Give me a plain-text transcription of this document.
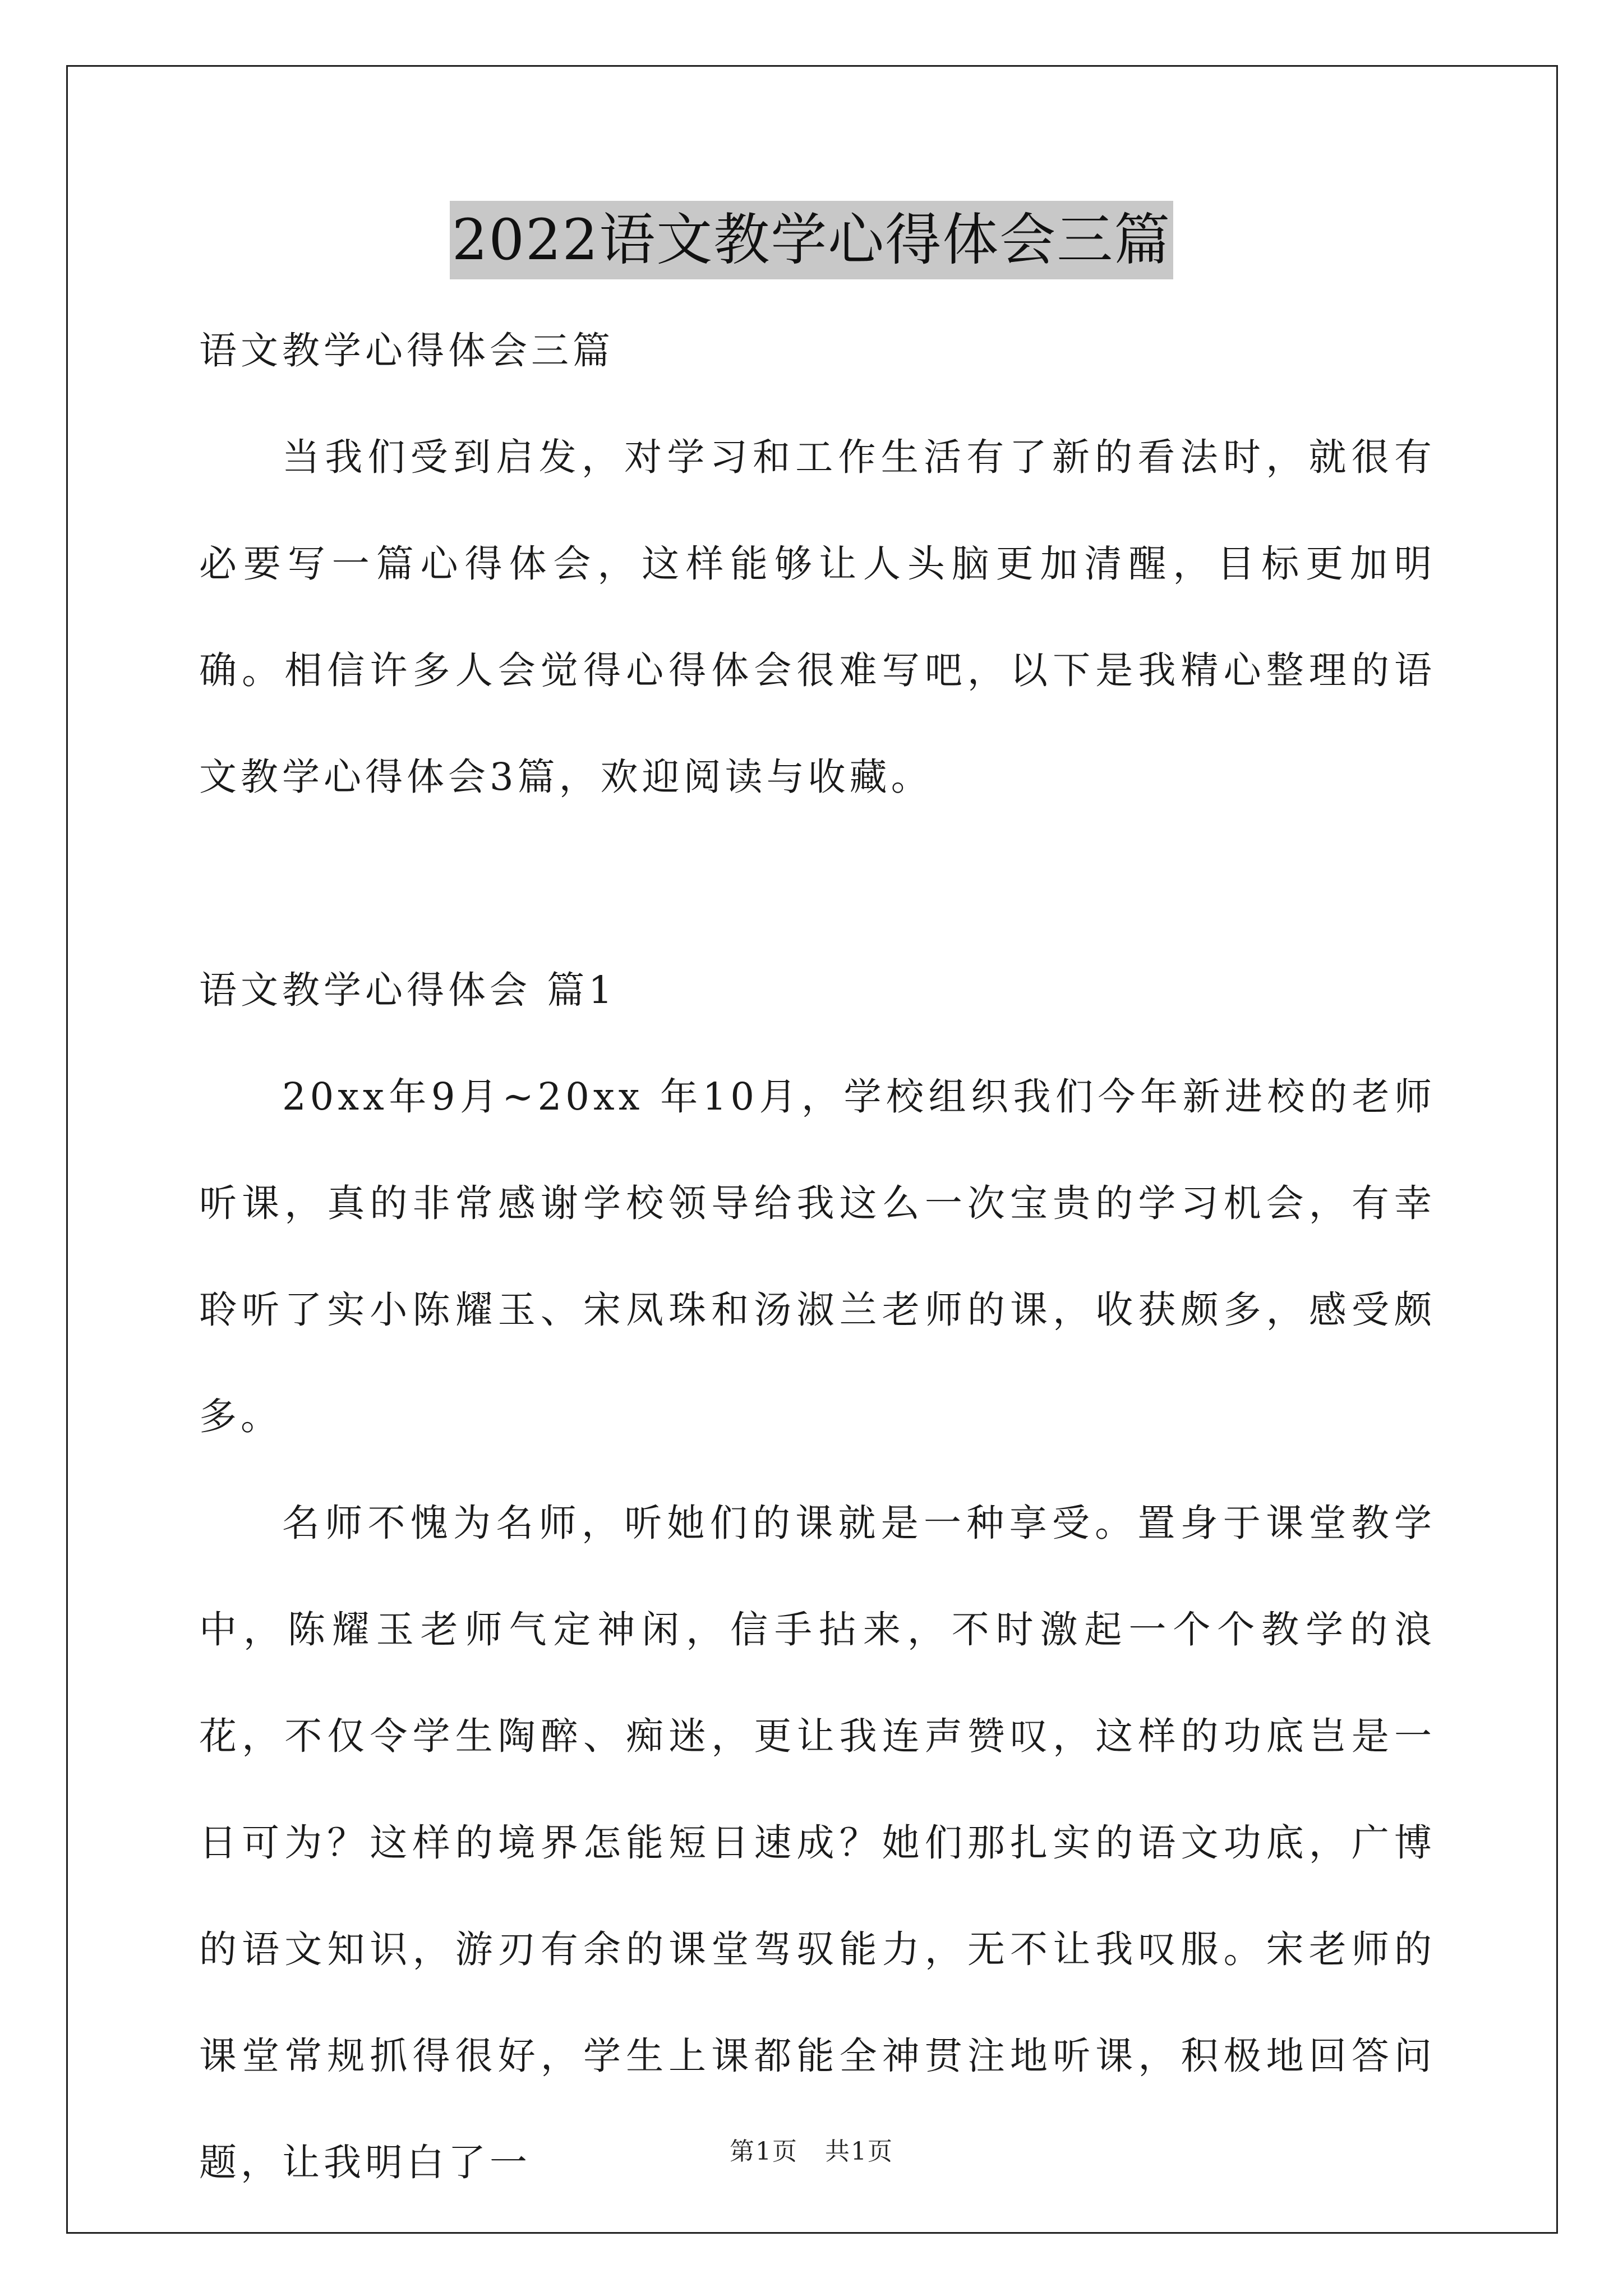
2022语文教学心得体会三篇

语文教学心得体会三篇

当我们受到启发，对学习和工作生活有了新的看法时，就很有必要写一篇心得体会，这样能够让人头脑更加清醒，目标更加明确。相信许多人会觉得心得体会很难写吧，以下是我精心整理的语文教学心得体会3篇，欢迎阅读与收藏。

语文教学心得体会 篇1

20xx年9月~20xx 年10月，学校组织我们今年新进校的老师听课，真的非常感谢学校领导给我这么一次宝贵的学习机会，有幸聆听了实小陈耀玉、宋凤珠和汤淑兰老师的课，收获颇多，感受颇多。

名师不愧为名师，听她们的课就是一种享受。置身于课堂教学中，陈耀玉老师气定神闲，信手拈来，不时激起一个个教学的浪花，不仅令学生陶醉、痴迷，更让我连声赞叹，这样的功底岂是一日可为？这样的境界怎能短日速成？她们那扎实的语文功底，广博的语文知识，游刃有余的课堂驾驭能力，无不让我叹服。宋老师的课堂常规抓得很好，学生上课都能全神贯注地听课，积极地回答问题，让我明白了一	第1页 共1页
